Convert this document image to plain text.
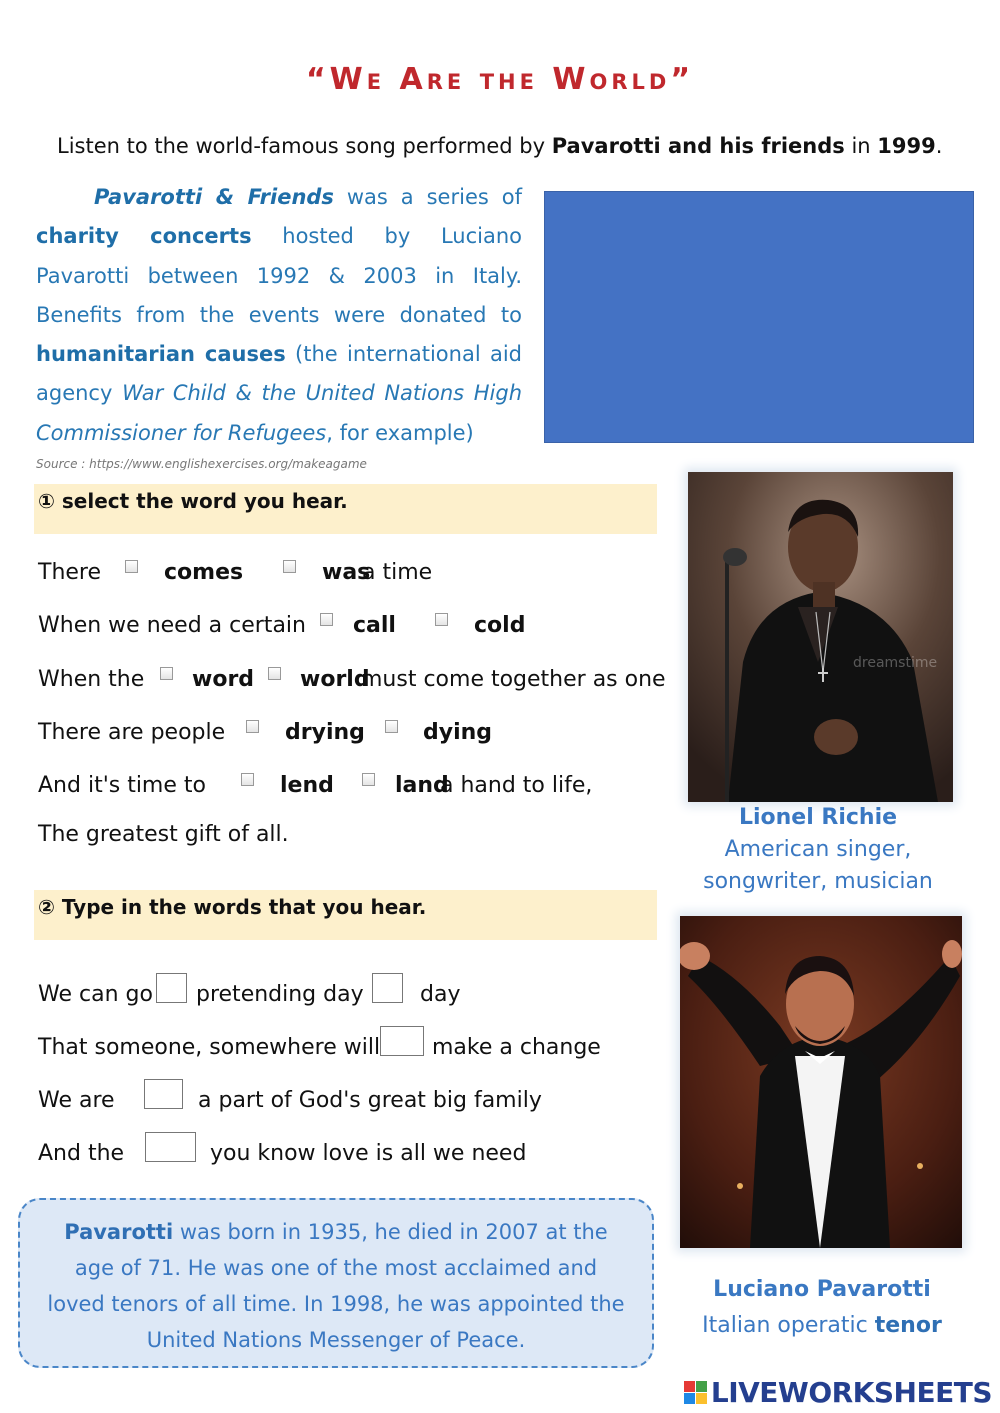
“We Are the World”
Listen to the world-famous song performed by Pavarotti and his friends in 1999.
Pavarotti & Friends was a series of charity concerts hosted by Luciano Pavarotti between 1992 & 2003 in Italy. Benefits from the events were donated to humanitarian causes (the international aid agency War Child & the United Nations High Commissioner for Refugees, for example)
Source : https://www.englishexercises.org/makeagame
① select the word you hear.
There	comes	was
a time
When we need a certain call	cold
When the word world
must come together as one
There are people	drying	dying
And it's time to	lend	land
a hand to life,
The greatest gift of all.
② Type in the words that you hear.
We can go pretending day	day
That someone, somewhere will make a change
We are	a part of God's great big family
And the	you know love is all we need
dreamstime
Lionel Richie
American singer,
songwriter, musician
Luciano Pavarotti
Italian operatic tenor
Pavarotti was born in 1935, he died in 2007 at the age of 71. He was one of the most acclaimed and loved tenors of all time. In 1998, he was appointed the United Nations Messenger of Peace.
LIVEWORKSHEETS
